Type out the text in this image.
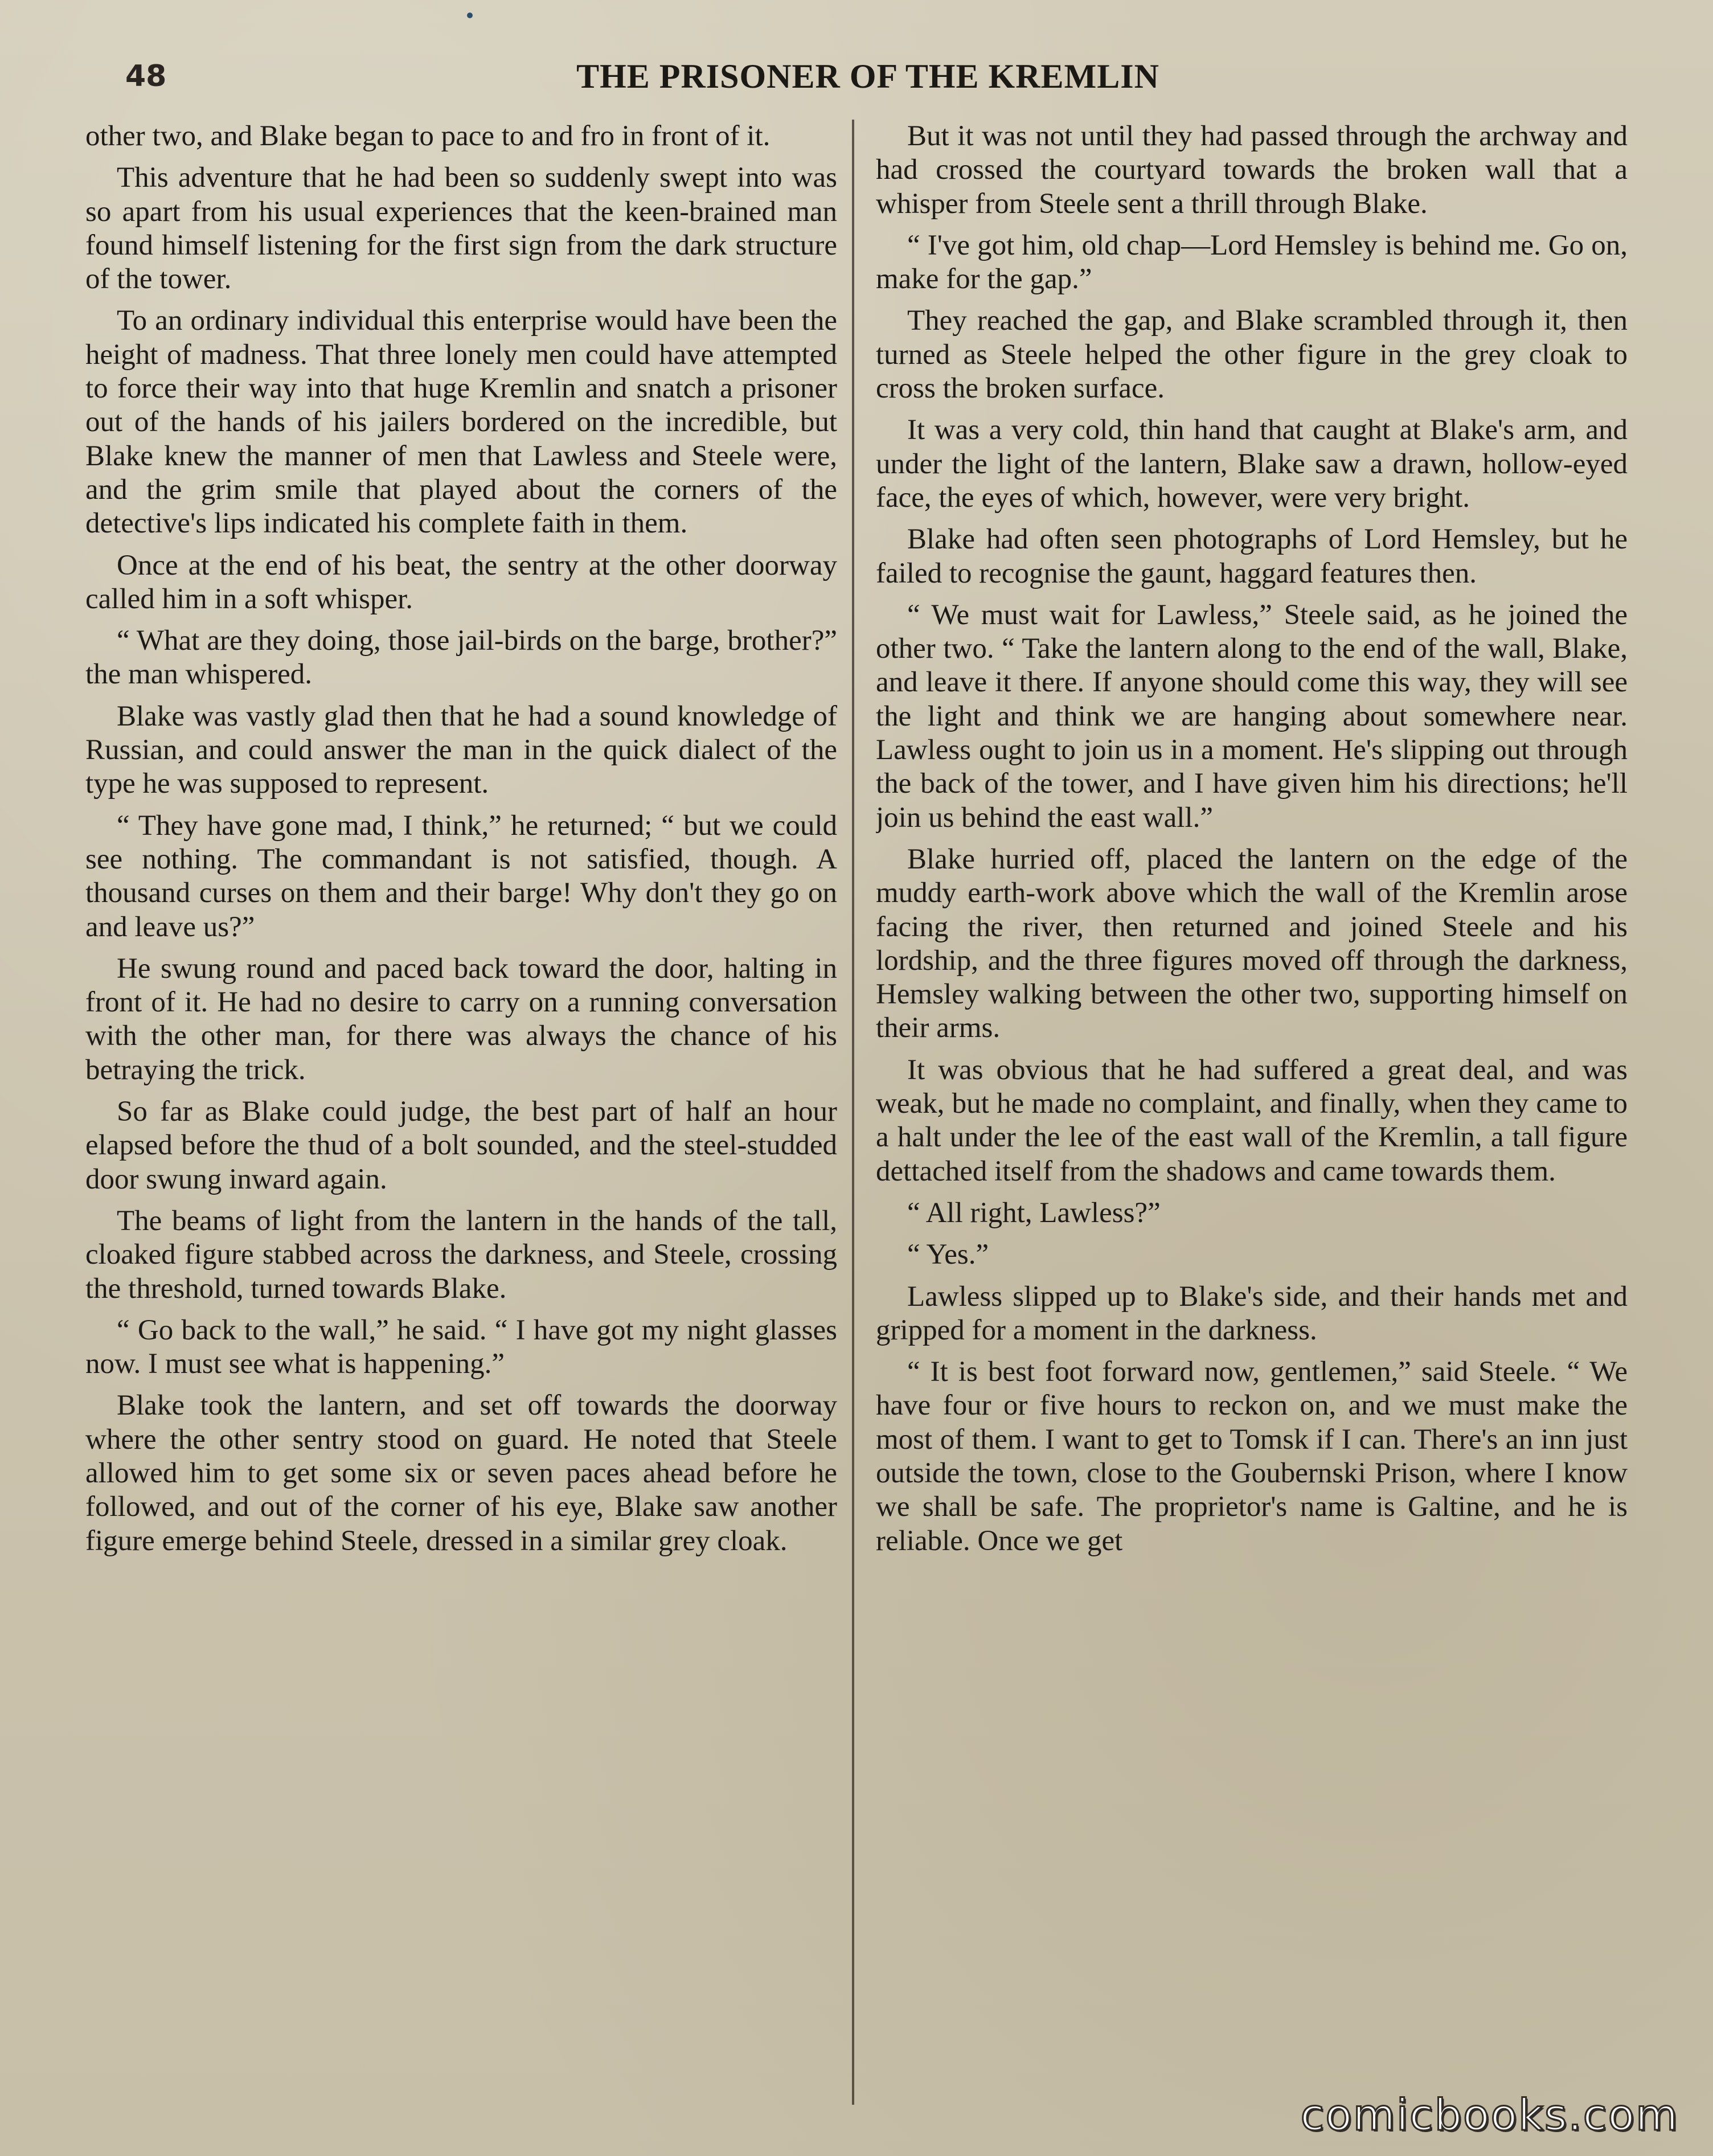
48	THE PRISONER OF THE KREMLIN

other two, and Blake began to pace to and fro in front of it.

This adventure that he had been so suddenly swept into was so apart from his usual experiences that the keen-brained man found himself listening for the first sign from the dark structure of the tower.

To an ordinary individual this enterprise would have been the height of madness. That three lonely men could have attempted to force their way into that huge Kremlin and snatch a prisoner out of the hands of his jailers bordered on the incredible, but Blake knew the manner of men that Lawless and Steele were, and the grim smile that played about the corners of the detective's lips indicated his complete faith in them.

Once at the end of his beat, the sentry at the other doorway called him in a soft whisper.

“ What are they doing, those jail-birds on the barge, brother?” the man whispered.

Blake was vastly glad then that he had a sound knowledge of Russian, and could answer the man in the quick dialect of the type he was supposed to represent.

“ They have gone mad, I think,” he returned; “ but we could see nothing. The commandant is not satisfied, though. A thousand curses on them and their barge! Why don't they go on and leave us?”

He swung round and paced back toward the door, halting in front of it. He had no desire to carry on a running conversation with the other man, for there was always the chance of his betraying the trick.

So far as Blake could judge, the best part of half an hour elapsed before the thud of a bolt sounded, and the steel-studded door swung inward again.

The beams of light from the lantern in the hands of the tall, cloaked figure stabbed across the darkness, and Steele, crossing the threshold, turned towards Blake.

“ Go back to the wall,” he said. “ I have got my night glasses now. I must see what is happening.”

Blake took the lantern, and set off towards the doorway where the other sentry stood on guard. He noted that Steele allowed him to get some six or seven paces ahead before he followed, and out of the corner of his eye, Blake saw another figure emerge behind Steele, dressed in a similar grey cloak.

But it was not until they had passed through the archway and had crossed the courtyard towards the broken wall that a whisper from Steele sent a thrill through Blake.

“ I've got him, old chap—Lord Hemsley is behind me. Go on, make for the gap.”

They reached the gap, and Blake scrambled through it, then turned as Steele helped the other figure in the grey cloak to cross the broken surface.

It was a very cold, thin hand that caught at Blake's arm, and under the light of the lantern, Blake saw a drawn, hollow-eyed face, the eyes of which, however, were very bright.

Blake had often seen photographs of Lord Hemsley, but he failed to recognise the gaunt, haggard features then.

“ We must wait for Lawless,” Steele said, as he joined the other two. “ Take the lantern along to the end of the wall, Blake, and leave it there. If anyone should come this way, they will see the light and think we are hanging about somewhere near. Lawless ought to join us in a moment. He's slipping out through the back of the tower, and I have given him his directions; he'll join us behind the east wall.”

Blake hurried off, placed the lantern on the edge of the muddy earth-work above which the wall of the Kremlin arose facing the river, then returned and joined Steele and his lordship, and the three figures moved off through the darkness, Hemsley walking between the other two, supporting himself on their arms.

It was obvious that he had suffered a great deal, and was weak, but he made no complaint, and finally, when they came to a halt under the lee of the east wall of the Kremlin, a tall figure dettached itself from the shadows and came towards them.

“ All right, Lawless?”

“ Yes.”

Lawless slipped up to Blake's side, and their hands met and gripped for a moment in the darkness.

“ It is best foot forward now, gentlemen,” said Steele. “ We have four or five hours to reckon on, and we must make the most of them. I want to get to Tomsk if I can. There's an inn just outside the town, close to the Goubernski Prison, where I know we shall be safe. The proprietor's name is Galtine, and he is reliable. Once we get

comicbooks.com
